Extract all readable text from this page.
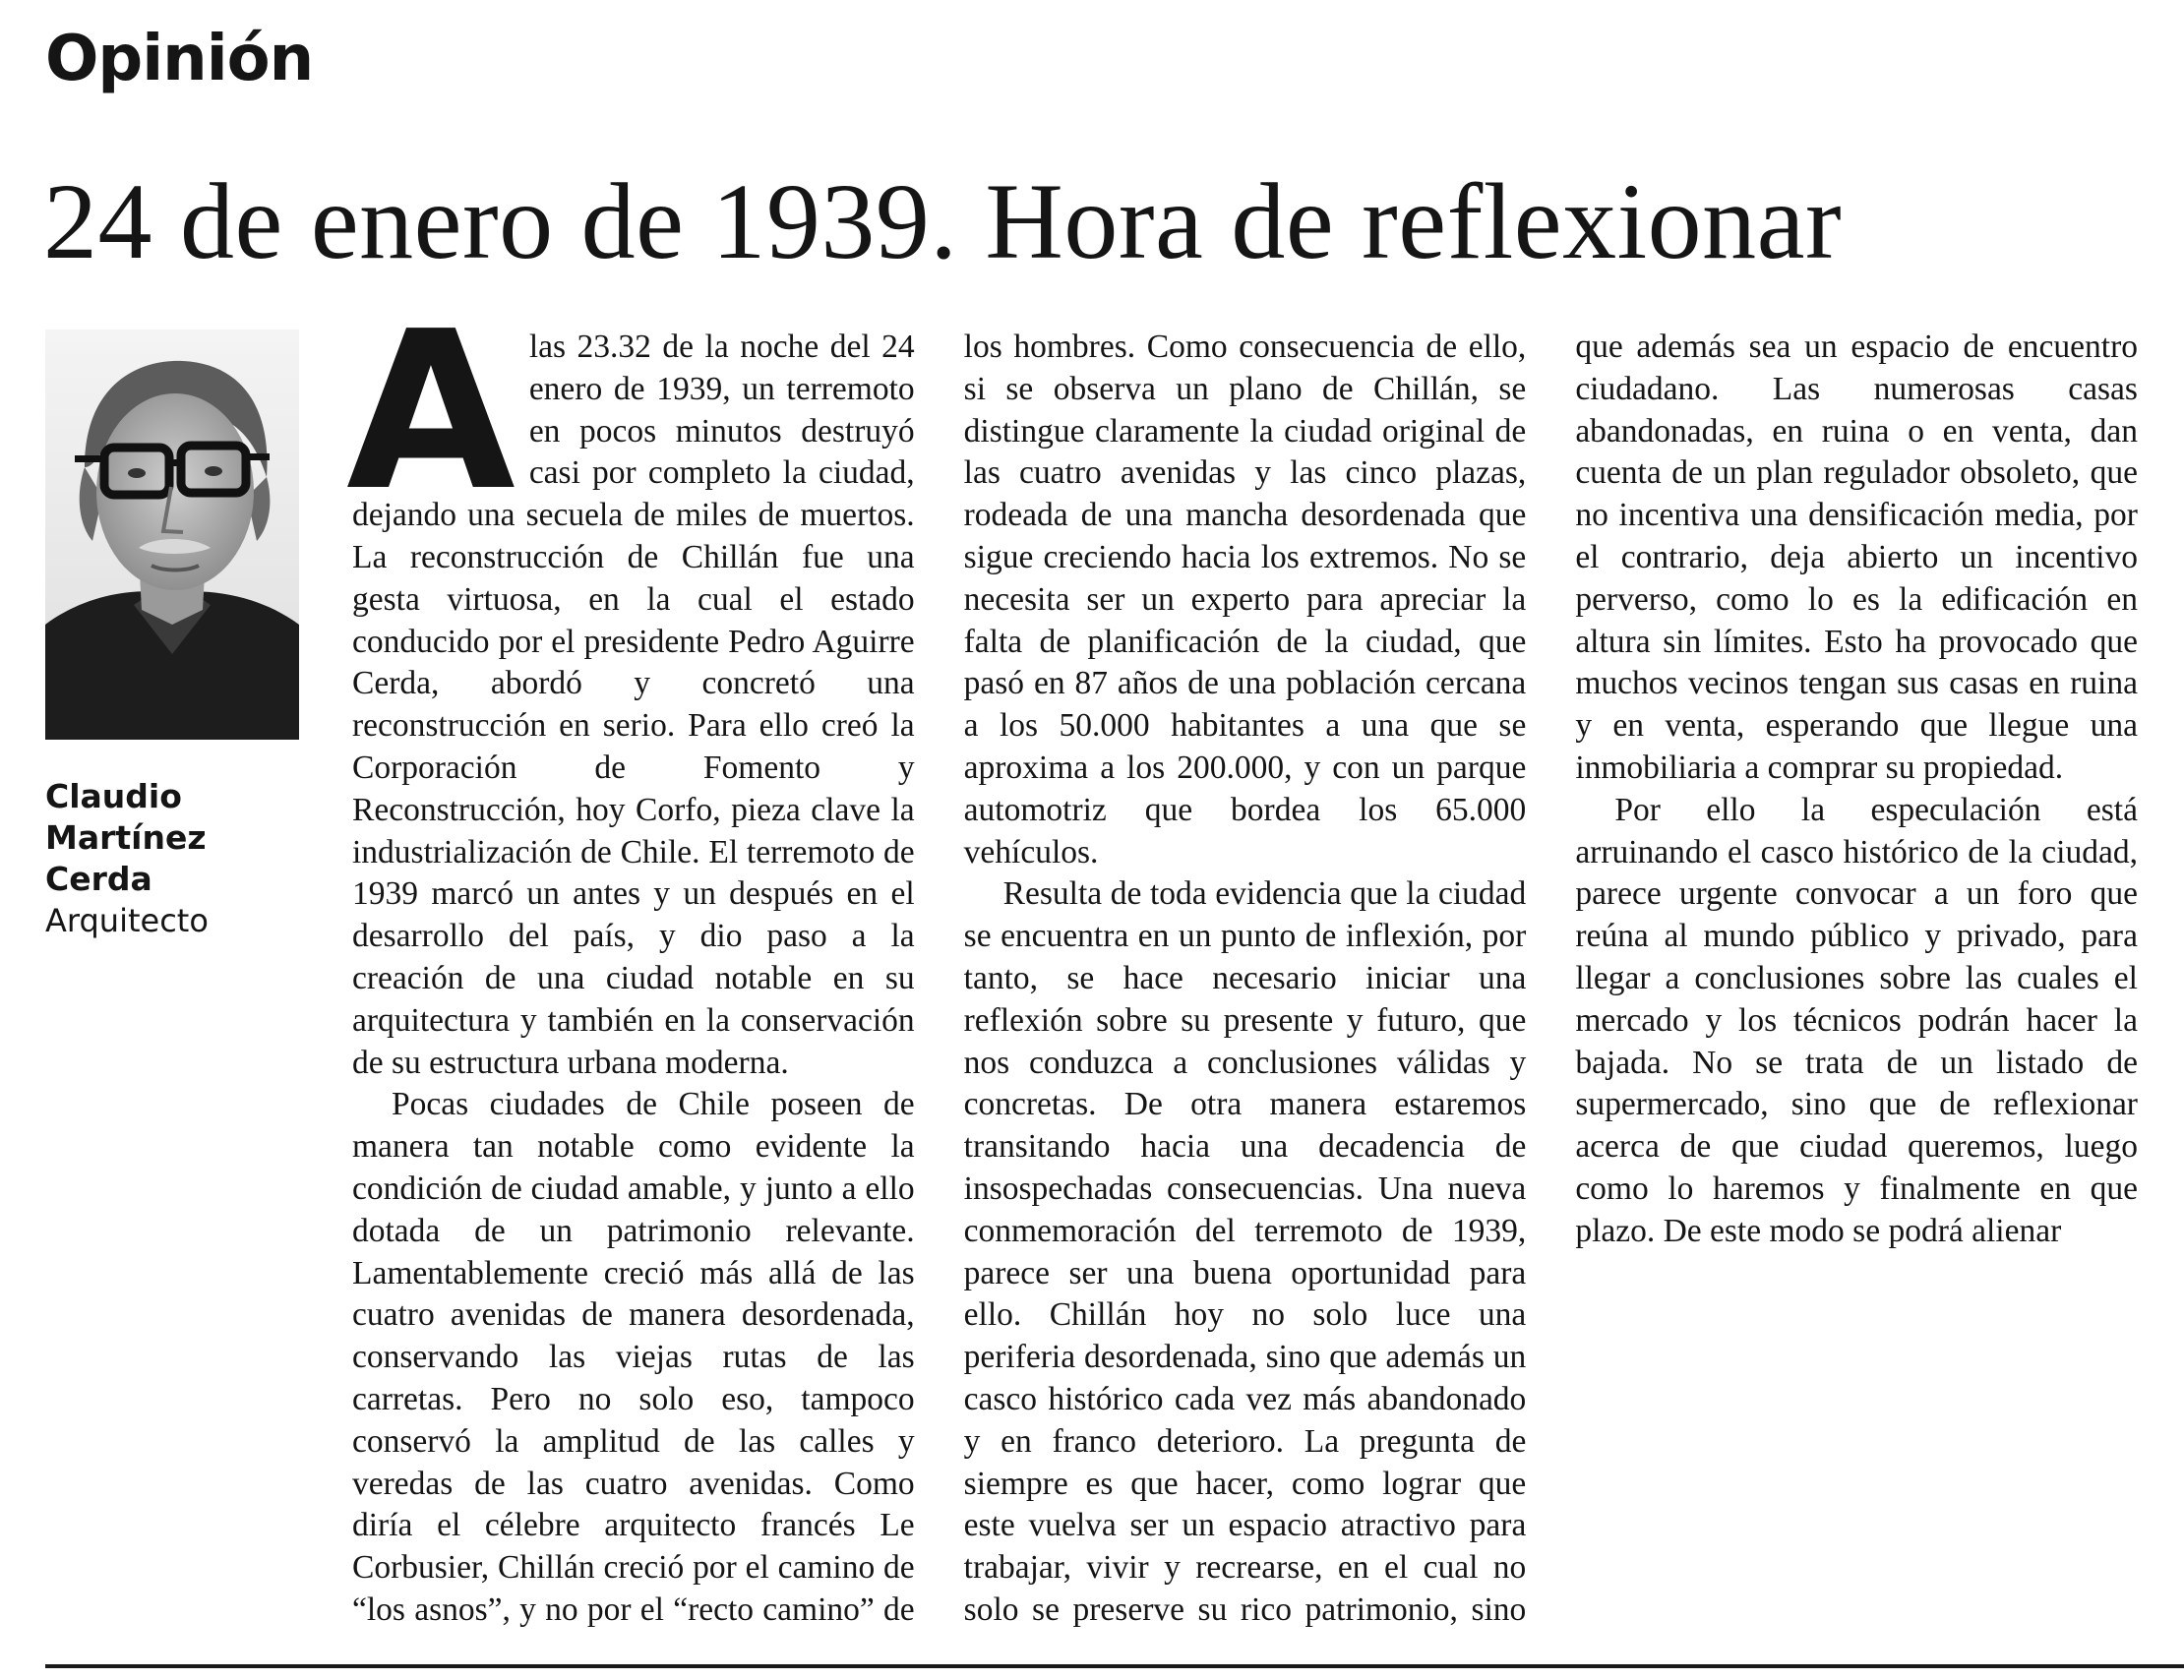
Opinión
24 de enero de 1939. Hora de reflexionar
Claudio
Martínez
Cerda
Arquitecto

A las 23.32 de la noche del 24 enero de 1939, un terremoto en pocos minutos destruyó casi por completo la ciudad, dejando una secuela de miles de muertos. La reconstrucción de Chillán fue una gesta virtuosa, en la cual el estado conducido por el presidente Pedro Aguirre Cerda, abordó y concretó una reconstrucción en serio. Para ello creó la Corporación de Fomento y Reconstrucción, hoy Corfo, pieza clave la industrialización de Chile. El terremoto de 1939 marcó un antes y un después en el desarrollo del país, y dio paso a la creación de una ciudad notable en su arquitectura y también en la conservación de su estructura urbana moderna.

Pocas ciudades de Chile poseen de manera tan notable como evidente la condición de ciudad amable, y junto a ello dotada de un patrimonio relevante. Lamentablemente creció más allá de las cuatro avenidas de manera desordenada, conservando las viejas rutas de las carretas. Pero no solo eso, tampoco conservó la amplitud de las calles y veredas de las cuatro avenidas. Como diría el célebre arquitecto francés Le Corbusier, Chillán creció por el camino de “los asnos”, y no por el “recto camino” de los hombres. Como consecuencia de ello, si se observa un plano de Chillán, se distingue claramente la ciudad original de las cuatro avenidas y las cinco plazas, rodeada de una mancha desordenada que sigue creciendo hacia los extremos. No se necesita ser un experto para apreciar la falta de planificación de la ciudad, que pasó en 87 años de una población cercana a los 50.000 habitantes a una que se aproxima a los 200.000, y con un parque automotriz que bordea los 65.000 vehículos.

Resulta de toda evidencia que la ciudad se encuentra en un punto de inflexión, por tanto, se hace necesario iniciar una reflexión sobre su presente y futuro, que nos conduzca a conclusiones válidas y concretas. De otra manera estaremos transitando hacia una decadencia de insospechadas consecuencias. Una nueva conmemoración del terremoto de 1939, parece ser una buena oportunidad para ello. Chillán hoy no solo luce una periferia desordenada, sino que además un casco histórico cada vez más abandonado y en franco deterioro. La pregunta de siempre es que hacer, como lograr que este vuelva ser un espacio atractivo para trabajar, vivir y recrearse, en el cual no solo se preserve su rico patrimonio, sino que además sea un espacio de encuentro ciudadano. Las numerosas casas abandonadas, en ruina o en venta, dan cuenta de un plan regulador obsoleto, que no incentiva una densificación media, por el contrario, deja abierto un incentivo perverso, como lo es la edificación en altura sin límites. Esto ha provocado que muchos vecinos tengan sus casas en ruina y en venta, esperando que llegue una inmobiliaria a comprar su propiedad.

Por ello la especulación está arruinando el casco histórico de la ciudad, parece urgente convocar a un foro que reúna al mundo público y privado, para llegar a conclusiones sobre las cuales el mercado y los técnicos podrán hacer la bajada. No se trata de un listado de supermercado, sino que de reflexionar acerca de que ciudad queremos, luego como lo haremos y finalmente en que plazo. De este modo se podrá alienar
